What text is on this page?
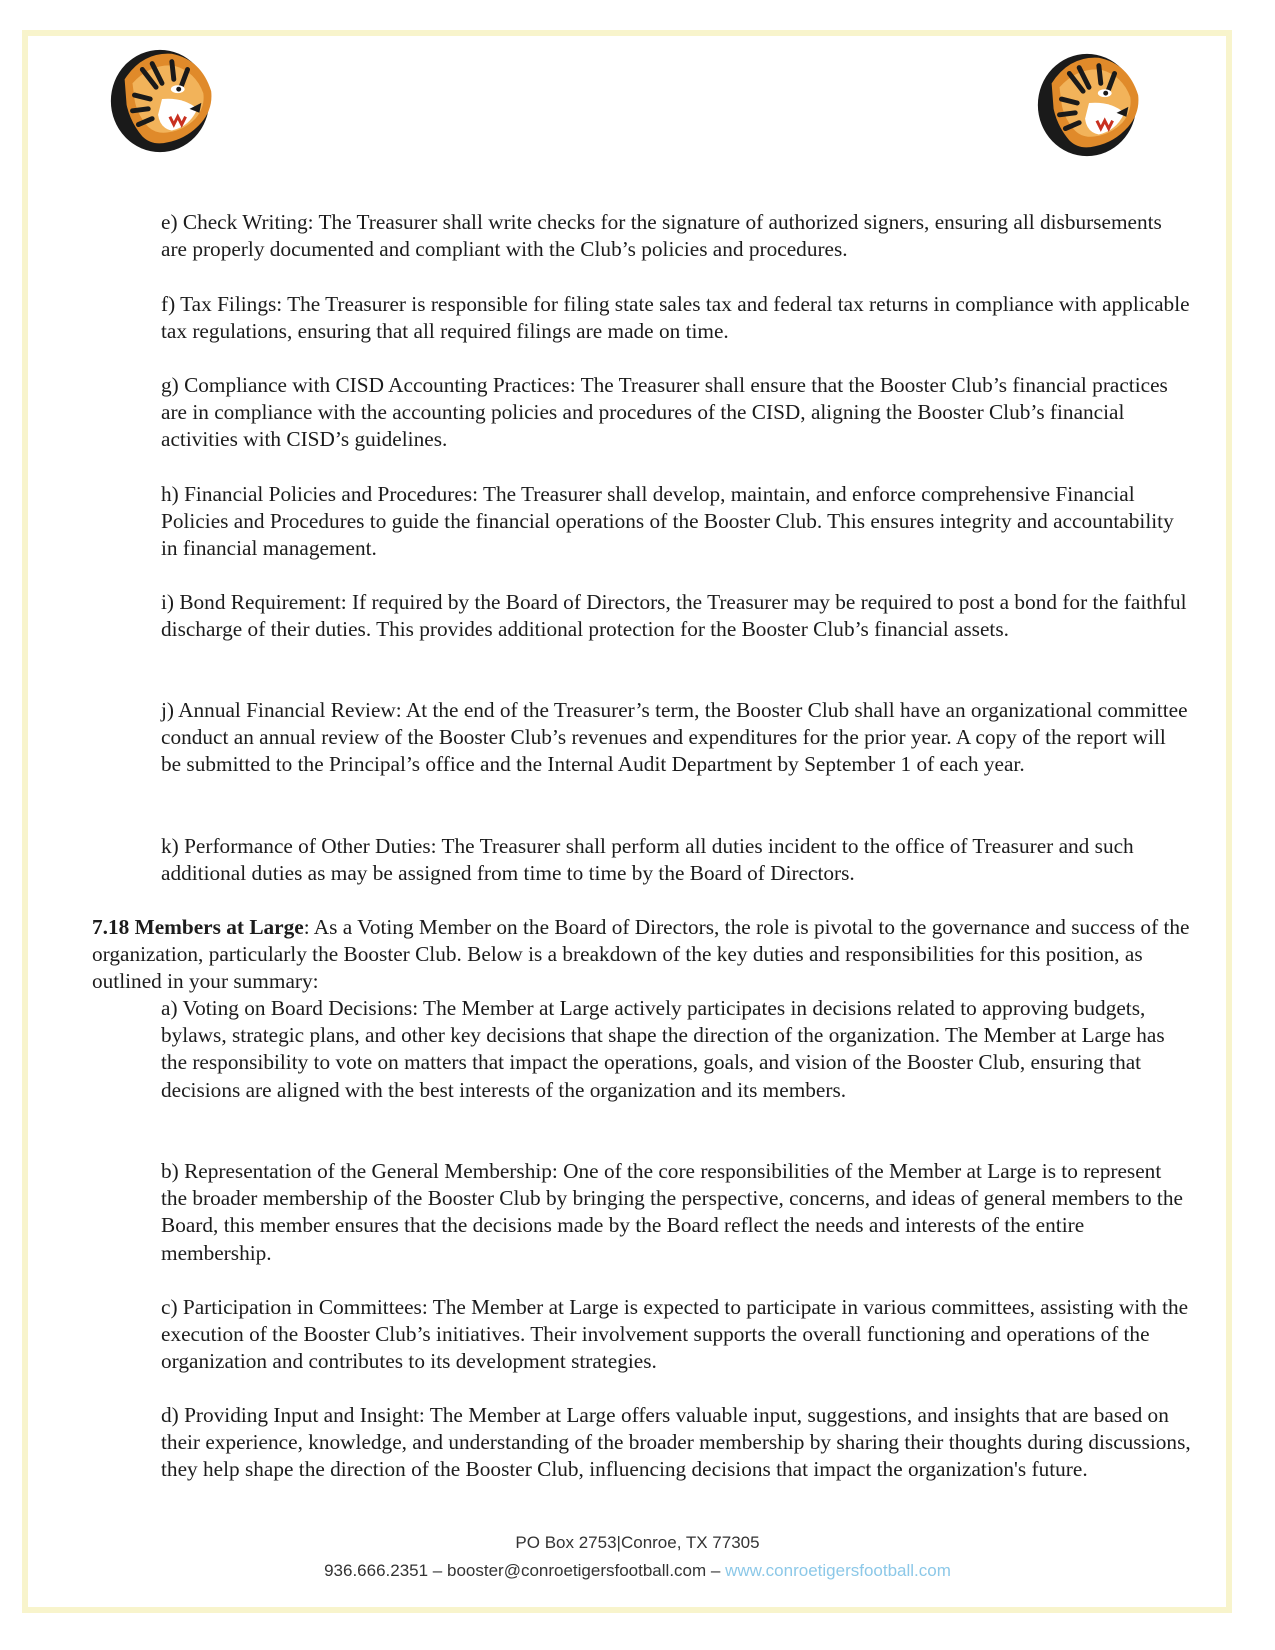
e) Check Writing: The Treasurer shall write checks for the signature of authorized signers, ensuring all disbursements are properly documented and compliant with the Club’s policies and procedures.

f) Tax Filings: The Treasurer is responsible for filing state sales tax and federal tax returns in compliance with applicable tax regulations, ensuring that all required filings are made on time.

g) Compliance with CISD Accounting Practices: The Treasurer shall ensure that the Booster Club’s financial practices are in compliance with the accounting policies and procedures of the CISD, aligning the Booster Club’s financial activities with CISD’s guidelines.

h) Financial Policies and Procedures: The Treasurer shall develop, maintain, and enforce comprehensive Financial Policies and Procedures to guide the financial operations of the Booster Club. This ensures integrity and accountability in financial management.

i) Bond Requirement: If required by the Board of Directors, the Treasurer may be required to post a bond for the faithful discharge of their duties. This provides additional protection for the Booster Club’s financial assets.

j) Annual Financial Review: At the end of the Treasurer’s term, the Booster Club shall have an organizational committee conduct an annual review of the Booster Club’s revenues and expenditures for the prior year. A copy of the report will be submitted to the Principal’s office and the Internal Audit Department by September 1 of each year.

k) Performance of Other Duties: The Treasurer shall perform all duties incident to the office of Treasurer and such additional duties as may be assigned from time to time by the Board of Directors.

7.18 Members at Large: As a Voting Member on the Board of Directors, the role is pivotal to the governance and success of the organization, particularly the Booster Club. Below is a breakdown of the key duties and responsibilities for this position, as outlined in your summary:

a) Voting on Board Decisions: The Member at Large actively participates in decisions related to approving budgets, bylaws, strategic plans, and other key decisions that shape the direction of the organization. The Member at Large has the responsibility to vote on matters that impact the operations, goals, and vision of the Booster Club, ensuring that decisions are aligned with the best interests of the organization and its members.

b) Representation of the General Membership: One of the core responsibilities of the Member at Large is to represent the broader membership of the Booster Club by bringing the perspective, concerns, and ideas of general members to the Board, this member ensures that the decisions made by the Board reflect the needs and interests of the entire membership.

c) Participation in Committees: The Member at Large is expected to participate in various committees, assisting with the execution of the Booster Club’s initiatives. Their involvement supports the overall functioning and operations of the organization and contributes to its development strategies.

d) Providing Input and Insight: The Member at Large offers valuable input, suggestions, and insights that are based on their experience, knowledge, and understanding of the broader membership by sharing their thoughts during discussions, they help shape the direction of the Booster Club, influencing decisions that impact the organization's future.

PO Box 2753|Conroe, TX 77305
936.666.2351 – booster@conroetigersfootball.com – www.conroetigersfootball.com
